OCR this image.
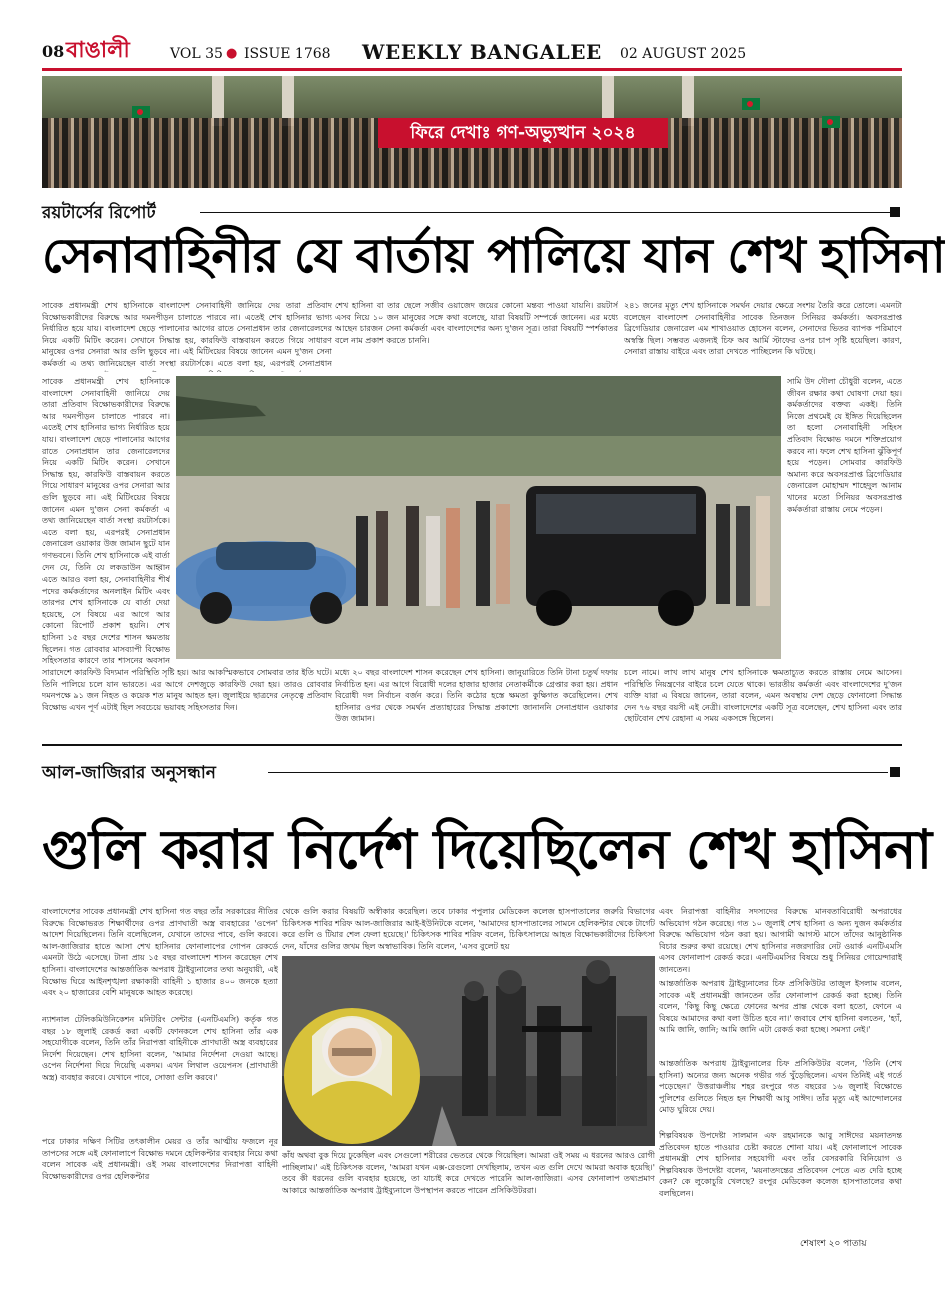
08 বাঙালী	VOL 35 ● ISSUE 1768 WEEKLY BANGALEE 02 AUGUST 2025
ফিরে দেখাঃ গণ-অভ্যুত্থান ২০২৪
রয়টার্সের রিপোর্ট
সেনাবাহিনীর যে বার্তায় পালিয়ে যান শেখ হাসিনা
সাবেক প্রধানমন্ত্রী শেখ হাসিনাকে বাংলাদেশ সেনাবাহিনী জানিয়ে দেয় তারা প্রতিবাদ বিক্ষোভকারীদের বিরুদ্ধে আর দমনপীড়ন চালাতে পারবে না। এতেই শেখ হাসিনার ভাগ্য নির্ধারিত হয়ে যায়। বাংলাদেশ ছেড়ে পালানোর আগের রাতে সেনাপ্রধান তার জেনারেলদের নিয়ে একটি মিটিং করেন। সেখানে সিদ্ধান্ত হয়, কারফিউ বাস্তবায়ন করতে গিয়ে সাধারণ মানুষের ওপর সেনারা আর গুলি ছুড়বে না। এই মিটিংয়ের বিষয়ে জানেন এমন দু'জন সেনা কর্মকর্তা এ তথ্য জানিয়েছেন বার্তা সংস্থা রয়টার্সকে। এতে বলা হয়, এরপরই সেনাপ্রধান
শেখ হাসিনা বা তার ছেলে সজীব ওয়াজেদ জয়ের কোনো মন্তব্য পাওয়া যায়নি। রয়টার্স এসব নিয়ে ১০ জন মানুষের সঙ্গে কথা বলেছে, যারা বিষয়টি সম্পর্কে জানেন। এর মধ্যে আছেন চারজন সেনা কর্মকর্তা এবং বাংলাদেশের অন্য দু'জন সূত্র। তারা বিষয়টি স্পর্শকাতর বলে নাম প্রকাশ করতে চাননি।
২৪১ জনের মৃত্যু শেখ হাসিনাকে সমর্থন দেয়ার ক্ষেত্রে সংশয় তৈরি করে তোলে। এমনটা বলেছেন বাংলাদেশ সেনাবাহিনীর সাবেক তিনজন সিনিয়র কর্মকর্তা। অবসরপ্রাপ্ত ব্রিগেডিয়ার জেনারেল এম শাখাওয়াত হোসেন বলেন, সেনাদের ভিতর ব্যাপক পরিমাণে অস্বস্তি ছিল। সম্ভবত এজন্যই চিফ অব আর্মি স্টাফের ওপর চাপ সৃষ্টি হয়েছিল। কারণ, সেনারা রাস্তায় বাইরে এবং তারা দেখতে পাচ্ছিলেন কি ঘটছে।
সাবেক প্রধানমন্ত্রী শেখ হাসিনাকে বাংলাদেশ সেনাবাহিনী জানিয়ে দেয় তারা প্রতিবাদ বিক্ষোভকারীদের বিরুদ্ধে আর দমনপীড়ন চালাতে পারবে না। এতেই শেখ হাসিনার ভাগ্য নির্ধারিত হয়ে যায়। বাংলাদেশ ছেড়ে পালানোর আগের রাতে সেনাপ্রধান তার জেনারেলদের নিয়ে একটি মিটিং করেন। সেখানে সিদ্ধান্ত হয়, কারফিউ বাস্তবায়ন করতে গিয়ে সাধারণ মানুষের ওপর সেনারা আর গুলি ছুড়বে না। এই মিটিংয়ের বিষয়ে জানেন এমন দু'জন সেনা কর্মকর্তা এ তথ্য জানিয়েছেন বার্তা সংস্থা রয়টার্সকে। এতে বলা হয়, এরপরই সেনাপ্রধান জেনারেল ওয়াকার উজ জামান ছুটে যান গণভবনে। তিনি শেখ হাসিনাকে এই বার্তা দেন যে, তিনি যে লকডাউন আহ্বান
এতে আরও বলা হয়, সেনাবাহিনীর শীর্ষ পদের কর্মকর্তাদের অনলাইন মিটিং এবং তারপর শেখ হাসিনাকে যে বার্তা দেয়া হয়েছে, সে বিষয়ে এর আগে আর কোনো রিপোর্ট প্রকাশ হয়নি। শেখ হাসিনা ১৫ বছর দেশের শাসন ক্ষমতায় ছিলেন। গত রোববার মাসব্যাপী বিক্ষোভ সহিংসতার কারণে তার শাসনের অবসান
সামি উদ দৌলা চৌধুরী বলেন, এতে জীবন রক্ষার কথা ঘোষণা দেয়া হয়। কর্মকর্তাদের বক্তব্য একই। তিনি নিজে প্রথমেই যে ইঙ্গিত দিয়েছিলেন তা হলো সেনাবাহিনী সহিংস প্রতিবাদ বিক্ষোভ দমনে শক্তিপ্রয়োগ করবে না। ফলে শেখ হাসিনা ঝুঁকিপূর্ণ হয়ে পড়েন। সোমবার কারফিউ অমান্য করে অবসরপ্রাপ্ত ব্রিগেডিয়ার জেনারেল মোহাম্মদ শাহেদুল আনাম খানের মতো সিনিয়র অবসরপ্রাপ্ত কর্মকর্তারা রাস্তায় নেমে পড়েন।
সারাদেশে কারফিউ বিদ্যমান পরিস্থিতি সৃষ্টি হয়। আর আকস্মিকভাবে সোমবার তার ইতি ঘটে। তিনি পালিয়ে চলে যান ভারতে। এর আগে দেশজুড়ে কারফিউ দেয়া হয়। তারও রোববার দমনপক্ষে ৯১ জন নিহত ও কয়েক শত মানুষ আহত হন। জুলাইয়ে ছাত্রদের নেতৃত্বে প্রতিবাদ বিক্ষোভ এখন পূর্ণ এটাই ছিল সবচেয়ে ভয়াবহ সহিংসতার দিন।
মধ্যে ২০ বছর বাংলাদেশ শাসন করেছেন শেখ হাসিনা। জানুয়ারিতে তিনি টানা চতুর্থ দফায় নির্বাচিত হন। এর আগে বিরোধী দলের হাজার হাজার নেতাকর্মীকে গ্রেপ্তার করা হয়। প্রধান বিরোধী দল নির্বাচন বর্জন করে। তিনি কঠোর হস্তে ক্ষমতা কুক্ষিগত করেছিলেন। শেখ হাসিনার ওপর থেকে সমর্থন প্রত্যাহারের সিদ্ধান্ত প্রকাশ্যে জানাননি সেনাপ্রধান ওয়াকার উজ জামান।
চলে নামে। লাখ লাখ মানুষ শেখ হাসিনাকে ক্ষমতাচ্যুত করতে রাস্তায় নেমে আসেন। পরিস্থিতি নিয়ন্ত্রণের বাইরে চলে যেতে থাকে। ভারতীয় কর্মকর্তা এবং বাংলাদেশের দু'জন ব্যক্তি যারা এ বিষয়ে জানেন, তারা বলেন, এমন অবস্থায় দেশ ছেড়ে ফোনালো সিদ্ধান্ত দেন ৭৬ বছর বয়সী এই নেত্রী। বাংলাদেশের একটি সূত্র বলেছেন, শেখ হাসিনা এবং তার ছোটবোন শেখ রেহানা এ সময় একসঙ্গে ছিলেন।
আল-জাজিরার অনুসন্ধান
গুলি করার নির্দেশ দিয়েছিলেন শেখ হাসিনা
বাংলাদেশের সাবেক প্রধানমন্ত্রী শেখ হাসিনা গত বছর তাঁর সরকারের নীতির বিরুদ্ধে বিক্ষোভরত শিক্ষার্থীদের ওপর প্রাণঘাতী অস্ত্র ব্যবহারের 'ওপেন' আদেশ দিয়েছিলেন। তিনি বলেছিলেন, যেখানে তাদের পাবে, গুলি করবে। আল-জাজিরার হাতে আসা শেখ হাসিনার ফোনালাপের গোপন রেকর্ডে এমনটা উঠে এসেছে। টানা প্রায় ১৫ বছর বাংলাদেশ শাসন করেছেন শেখ হাসিনা। বাংলাদেশের আন্তর্জাতিক অপরাধ ট্রাইব্যুনালের তথ্য অনুযায়ী, এই বিক্ষোভ ঘিরে আইনশৃঙ্খলা রক্ষাকারী বাহিনী ১ হাজার ৪০০ জনকে হত্যা এবং ২০ হাজারের বেশি মানুষকে আহত করেছে।
ন্যাশনাল টেলিকমিউনিকেশন মনিটরিং সেন্টার (এনটিএমসি) কর্তৃক গত বছর ১৮ জুলাই রেকর্ড করা একটি ফোনকলে শেখ হাসিনা তাঁর এক সহযোগীকে বলেন, তিনি তাঁর নিরাপত্তা বাহিনীকে প্রাণঘাতী অস্ত্র ব্যবহারের নির্দেশ দিয়েছেন। শেখ হাসিনা বলেন, 'আমার নির্দেশনা দেওয়া আছে। ওপেন নির্দেশনা দিয়ে দিয়েছি একদম। এখন লিথাল ওয়েপনস (প্রাণঘাতী অস্ত্র) ব্যবহার করবে। যেখানে পাবে, সোজা গুলি করবে।'
পরে ঢাকার দক্ষিণ সিটির তৎকালীন মেয়র ও তাঁর আত্মীয় ফজলে নূর তাপসের সঙ্গে এই ফোনালাপে বিক্ষোভ দমনে হেলিকপ্টার ব্যবহার নিয়ে কথা বলেন সাবেক এই প্রধানমন্ত্রী। ওই সময় বাংলাদেশের নিরাপত্তা বাহিনী বিক্ষোভকারীদের ওপর হেলিকপ্টার
থেকে গুলি করার বিষয়টি অস্বীকার করেছিল। তবে ঢাকার পপুলার মেডিকেল কলেজ হাসপাতালের জরুরি বিভাগের চিকিৎসক শাবির শরিফ আল-জাজিরার আই-ইউনিটকে বলেন, 'আমাদের হাসপাতালের সামনে হেলিকপ্টার থেকে টার্গেট করে গুলি ও টিয়ার শেল ফেলা হয়েছে।' চিকিৎসক শাবির শরিফ বলেন, চিকিৎসালয়ে আহত বিক্ষোভকারীদের চিকিৎসা দেন, যাঁদের গুলির জখম ছিল অস্বাভাবিক। তিনি বলেন, 'এসব বুলেট হয়
কাঁধ অথবা বুক দিয়ে ঢুকেছিল এবং সেগুলো শরীরের ভেতরে থেকে গিয়েছিল। আমরা ওই সময় এ ধরনের আরও রোগী পাচ্ছিলাম।' এই চিকিৎসক বলেন, 'আমরা যখন এক্স-রেগুলো দেখছিলাম, তখন এত গুলি দেখে আমরা অবাক হয়েছি।' তবে কী ধরনের গুলি ব্যবহার হয়েছে, তা যাচাই করে দেখতে পারেনি আল-জাজিরা। এসব ফোনালাপ তথ্যপ্রমাণ আকারে আন্তর্জাতিক অপরাধ ট্রাইব্যুনালে উপস্থাপন করতে পারেন প্রসিকিউটররা।
এবং নিরাপত্তা বাহিনীর সদস্যদের বিরুদ্ধে মানবতাবিরোধী অপরাধের অভিযোগ গঠন করেছে। গত ১০ জুলাই শেখ হাসিনা ও অন্য দুজন কর্মকর্তার বিরুদ্ধে অভিযোগ গঠন করা হয়। আগামী আগস্ট মাসে তাঁদের আনুষ্ঠানিক বিচার শুরুর কথা রয়েছে। শেখ হাসিনার নজরদারির নেট ওয়ার্ক এনটিএমসি এসব ফোনালাপ রেকর্ড করে। এনটিএমসির বিষয়ে শুধু সিনিয়র গোয়েন্দারাই জানতেন।
আন্তর্জাতিক অপরাধ ট্রাইব্যুনালের চিফ প্রসিকিউটর তাজুল ইসলাম বলেন, সাবেক এই প্রধানমন্ত্রী জানতেন তাঁর ফোনালাপ রেকর্ড করা হচ্ছে। তিনি বলেন, 'কিছু কিছু ক্ষেত্রে ফোনের অপর প্রান্ত থেকে বলা হতো, ফোনে এ বিষয়ে আমাদের কথা বলা উচিত হবে না।' জবাবে শেখ হাসিনা বলতেন, 'হ্যাঁ, আমি জানি, জানি; আমি জানি এটা রেকর্ড করা হচ্ছে। সমস্যা নেই।'
আন্তর্জাতিক অপরাধ ট্রাইব্যুনালের চিফ প্রসিকিউটর বলেন, 'তিনি (শেখ হাসিনা) অন্যের জন্য অনেক গভীর গর্ত খুঁড়েছিলেন। এখন তিনিই এই গর্তে পড়েছেন।' উত্তরাঞ্চলীয় শহর রংপুরে গত বছরের ১৬ জুলাই বিক্ষোভে পুলিশের গুলিতে নিহত হন শিক্ষার্থী আবু সাঈদ। তাঁর মৃত্যু এই আন্দোলনের মোড় ঘুরিয়ে দেয়।
শিল্পবিষয়ক উপদেষ্টা সালমান এফ রহমানকে আবু সাঈদের ময়নাতদন্ত প্রতিবেদন হাতে পাওয়ার চেষ্টা করতে শোনা যায়। এই ফোনালাপে সাবেক প্রধানমন্ত্রী শেখ হাসিনার সহযোগী এবং তাঁর বেসরকারি বিনিয়োগ ও শিল্পবিষয়ক উপদেষ্টা বলেন, 'ময়নাতদন্তের প্রতিবেদন পেতে এত দেরি হচ্ছে কেন? কে লুকোচুরি খেলছে? রংপুর মেডিকেল কলেজ হাসপাতালের কথা বলছিলেন।
শেষাংশ ২০ পাতায়
